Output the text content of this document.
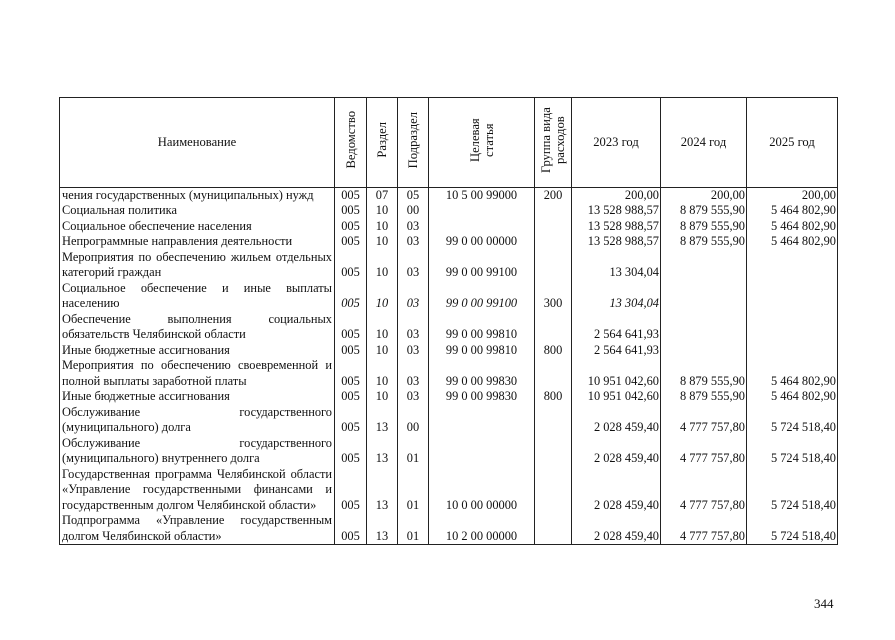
Наименование	Ведомство	Раздел	Подраздел	Целевая статья	Группа вида расходов	2023 год	2024 год	2025 год
чения государственных (муниципальных) нужд	005	07	05	10 5 00 99000	200	200,00	200,00	200,00
Социальная политика	005	10	00			13 528 988,57	8 879 555,90	5 464 802,90
Социальное обеспечение населения	005	10	03			13 528 988,57	8 879 555,90	5 464 802,90
Непрограммные направления деятельности	005	10	03	99 0 00 00000		13 528 988,57	8 879 555,90	5 464 802,90
Мероприятия по обеспечению жильем отдельных категорий граждан	005	10	03	99 0 00 99100		13 304,04		
Социальное обеспечение и иные выплаты населению	005	10	03	99 0 00 99100	300	13 304,04		
Обеспечение выполнения социальных обязательств Челябинской области	005	10	03	99 0 00 99810		2 564 641,93		
Иные бюджетные ассигнования	005	10	03	99 0 00 99810	800	2 564 641,93		
Мероприятия по обеспечению своевременной и полной выплаты заработной платы	005	10	03	99 0 00 99830		10 951 042,60	8 879 555,90	5 464 802,90
Иные бюджетные ассигнования	005	10	03	99 0 00 99830	800	10 951 042,60	8 879 555,90	5 464 802,90
Обслуживание государственного (муниципального) долга	005	13	00			2 028 459,40	4 777 757,80	5 724 518,40
Обслуживание государственного (муниципального) внутреннего долга	005	13	01			2 028 459,40	4 777 757,80	5 724 518,40
Государственная программа Челябинской области «Управление государственными финансами и государственным долгом Челябинской области»	005	13	01	10 0 00 00000		2 028 459,40	4 777 757,80	5 724 518,40
Подпрограмма «Управление государственным долгом Челябинской области»	005	13	01	10 2 00 00000		2 028 459,40	4 777 757,80	5 724 518,40
344
